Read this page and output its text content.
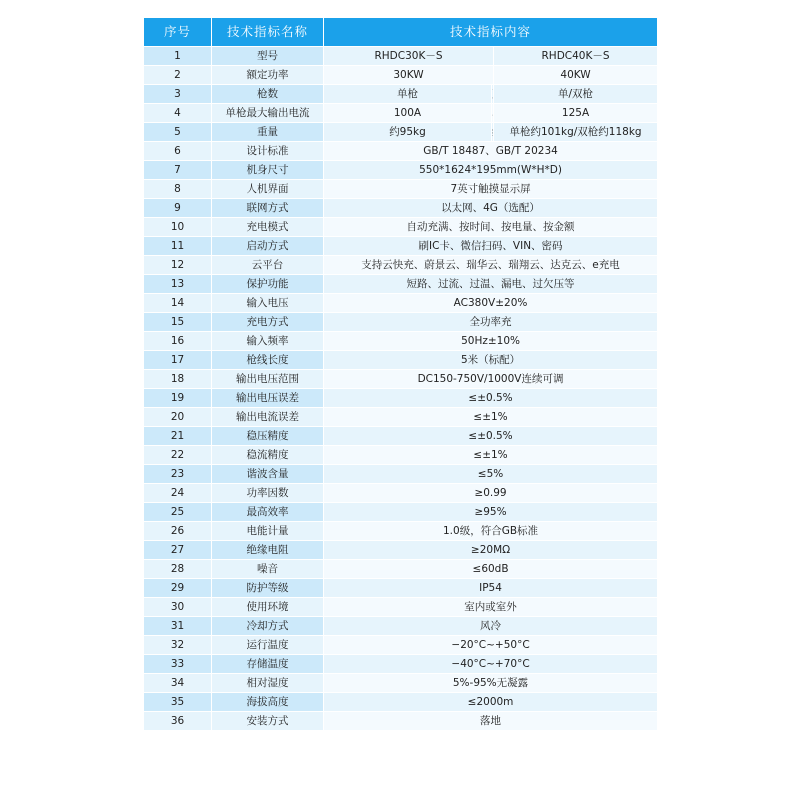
序号	技术指标名称	技术指标内容		
1	型号	RHDC30K－S		RHDC40K－S
2	额定功率	30KW		40KW
3	枪数	单枪		单/双枪
4	单枪最大输出电流	100A		125A
5	重量	约95kg		单枪约101kg/双枪约118kg
6	设计标准	GB/T 18487、GB/T 20234		
7	机身尺寸	550*1624*195mm(W*H*D)		
8	人机界面	7英寸触摸显示屏		
9	联网方式	以太网、4G（选配）		
10	充电模式	自动充满、按时间、按电量、按金额		
11	启动方式	刷IC卡、微信扫码、VIN、密码		
12	云平台	支持云快充、蔚景云、瑞华云、瑞翔云、达克云、e充电		
13	保护功能	短路、过流、过温、漏电、过欠压等		
14	输入电压	AC380V±20%		
15	充电方式	全功率充		
16	输入频率	50Hz±10%		
17	枪线长度	5米（标配）		
18	输出电压范围	DC150-750V/1000V连续可调		
19	输出电压误差	≤±0.5%		
20	输出电流误差	≤±1%		
21	稳压精度	≤±0.5%		
22	稳流精度	≤±1%		
23	谐波含量	≤5%		
24	功率因数	≥0.99		
25	最高效率	≥95%		
26	电能计量	1.0级，符合GB标准		
27	绝缘电阻	≥20MΩ		
28	噪音	≤60dB		
29	防护等级	IP54		
30	使用环境	室内或室外		
31	冷却方式	风冷		
32	运行温度	−20°C~+50°C		
33	存储温度	−40°C~+70°C		
34	相对湿度	5%-95%无凝露		
35	海拔高度	≤2000m		
36	安装方式	落地		
